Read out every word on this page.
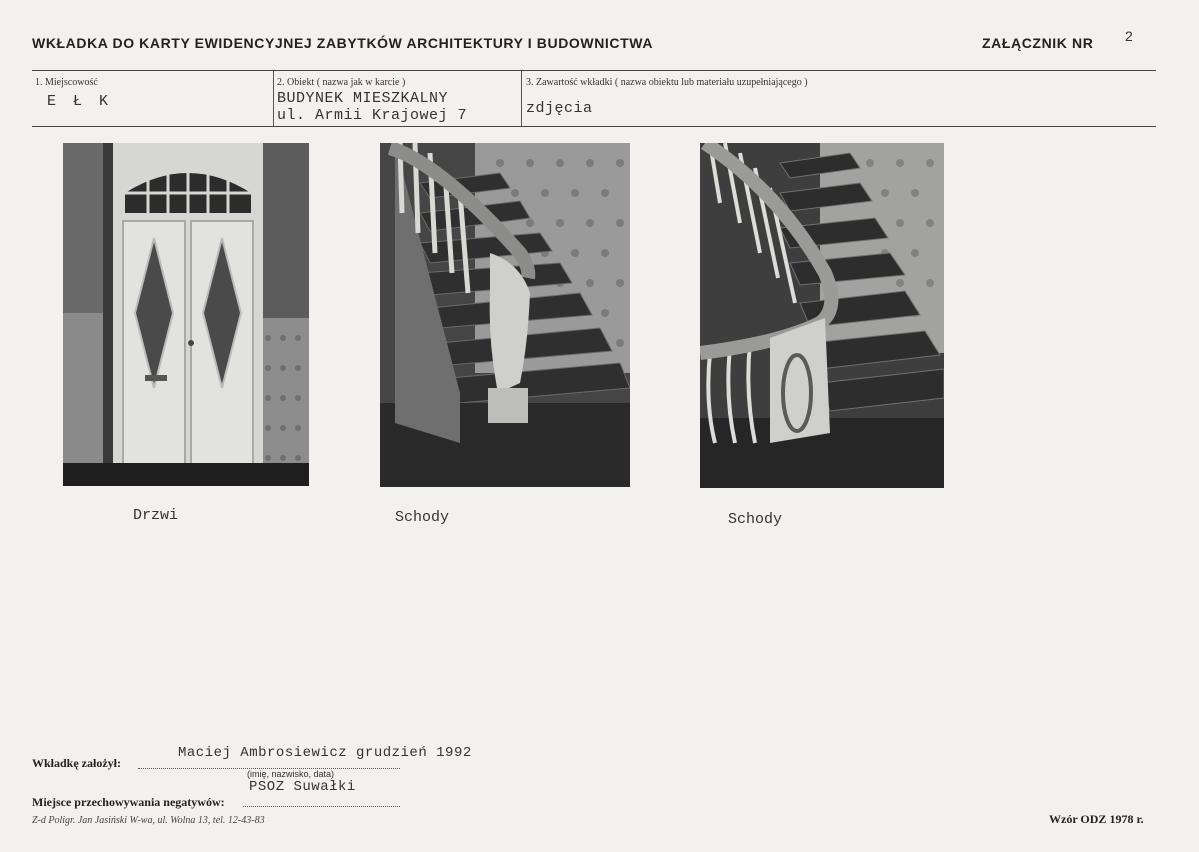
WKŁADKA DO KARTY EWIDENCYJNEJ ZABYTKÓW ARCHITEKTURY I BUDOWNICTWA	ZAŁĄCZNIK NR 2
1. Miejscowość
E Ł K
2. Obiekt ( nazwa jak w karcie )
BUDYNEK MIESZKALNY
ul. Armii Krajowej 7
3. Zawartość wkładki ( nazwa obiektu lub materiału uzupełniającego )
zdjęcia
Drzwi	Schody	Schody
Wkładkę założył:
Maciej Ambrosiewicz grudzień 1992
(imię, nazwisko, data)
Miejsce przechowywania negatywów:
PSOZ Suwałki
Z-d Poligr. Jan Jasiński W-wa, ul. Wolna 13, tel. 12-43-83	Wzór ODZ 1978 r.
